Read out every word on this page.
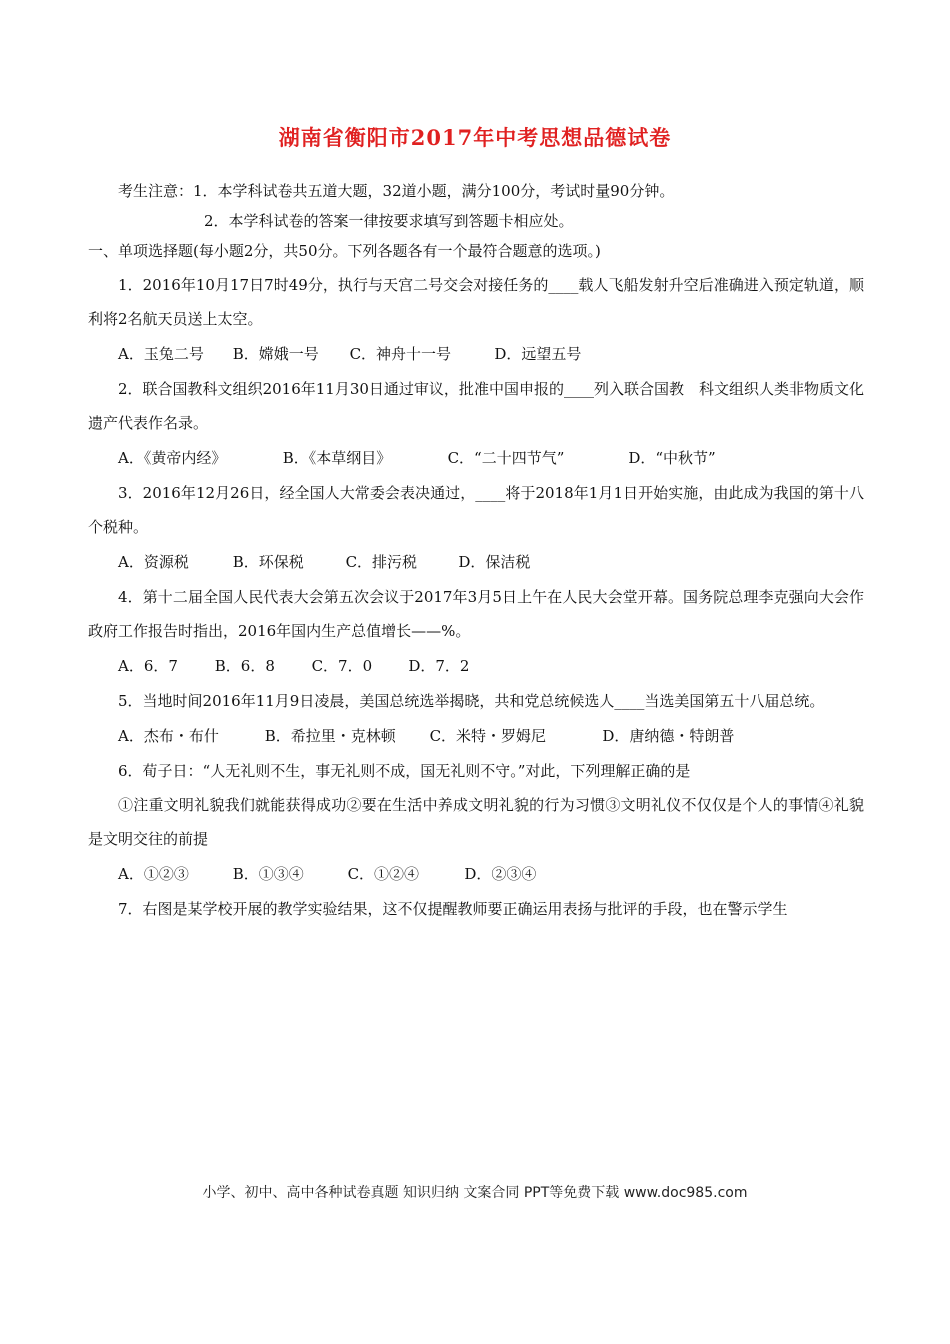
湖南省衡阳市2017年中考思想品德试卷
考生注意：1．本学科试卷共五道大题，32道小题，满分100分，考试时量90分钟。
2．本学科试卷的答案一律按要求填写到答题卡相应处。
一、单项选择题(每小题2分，共50分。下列各题各有一个最符合题意的选项。)

1．2016年10月17日7时49分，执行与天宫二号交会对接任务的____载人飞船发射升空后准确进入预定轨道，顺利将2名航天员送上太空。

A．玉兔二号 B．嫦娥一号 C．神舟十一号	D．远望五号

2．联合国教科文组织2016年11月30日通过审议，批准中国申报的____列入联合国教　科文组织人类非物质文化遗产代表作名录。

A．《黄帝内经》	B．《本草纲目》	C．“二十四节气”	D．“中秋节”

3．2016年12月26日，经全国人大常委会表决通过，____将于2018年1月1日开始实施，由此成为我国的第十八个税种。

A．资源税	B．环保税	C．排污税	D．保洁税

4．第十二届全国人民代表大会第五次会议于2017年3月5日上午在人民大会堂开幕。国务院总理李克强向大会作政府工作报告时指出，2016年国内生产总值增长——%。

A．6．7 B．6．8 C．7．0 D．7．2

5．当地时间2016年11月9日凌晨，美国总统选举揭晓，共和党总统候选人____当选美国第五十八届总统。

A．杰布・布什	B．希拉里・克林顿 C．米特・罗姆尼	D．唐纳德・特朗普

6．荀子日：“人无礼则不生，事无礼则不成，国无礼则不守。”对此，下列理解正确的是

①注重文明礼貌我们就能获得成功②要在生活中养成文明礼貌的行为习惯③文明礼仪不仅仅是个人的事情④礼貌是文明交往的前提

A．①②③	B．①③④	C．①②④	D．②③④

7．右图是某学校开展的教学实验结果，这不仅提醒教师要正确运用表扬与批评的手段，也在警示学生

小学、初中、高中各种试卷真题 知识归纳 文案合同 PPT等免费下载 www.doc985.com
